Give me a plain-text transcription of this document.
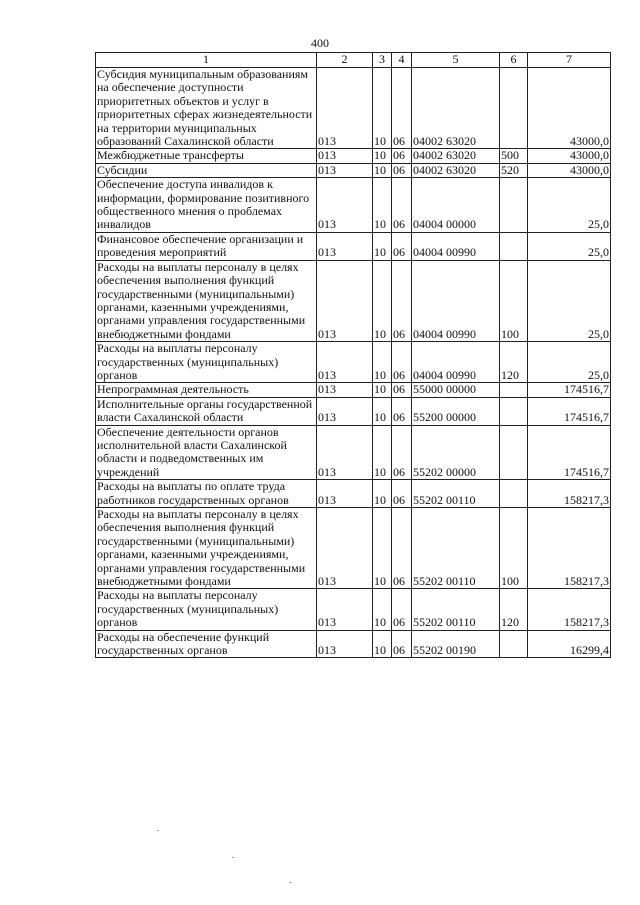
400
1	2	3	4	5	6	7
Субсидия муниципальным образованиям на обеспечение доступности приоритетных объектов и услуг в приоритетных сферах жизнедеятельности на территории муниципальных образований Сахалинской области	013	10	06	04002 63020		43000,0
Межбюджетные трансферты	013	10	06	04002 63020	500	43000,0
Субсидии	013	10	06	04002 63020	520	43000,0
Обеспечение доступа инвалидов к информации, формирование позитивного общественного мнения о проблемах инвалидов	013	10	06	04004 00000		25,0
Финансовое обеспечение организации и проведения мероприятий	013	10	06	04004 00990		25,0
Расходы на выплаты персоналу в целях обеспечения выполнения функций государственными (муниципальными) органами, казенными учреждениями, органами управления государственными внебюджетными фондами	013	10	06	04004 00990	100	25,0
Расходы на выплаты персоналу государственных (муниципальных) органов	013	10	06	04004 00990	120	25,0
Непрограммная деятельность	013	10	06	55000 00000		174516,7
Исполнительные органы государственной власти Сахалинской области	013	10	06	55200 00000		174516,7
Обеспечение деятельности органов исполнительной власти Сахалинской области и подведомственных им учреждений	013	10	06	55202 00000		174516,7
Расходы на выплаты по оплате труда работников государственных органов	013	10	06	55202 00110		158217,3
Расходы на выплаты персоналу в целях обеспечения выполнения функций государственными (муниципальными) органами, казенными учреждениями, органами управления государственными внебюджетными фондами	013	10	06	55202 00110	100	158217,3
Расходы на выплаты персоналу государственных (муниципальных) органов	013	10	06	55202 00110	120	158217,3
Расходы на обеспечение функций государственных органов	013	10	06	55202 00190		16299,4
